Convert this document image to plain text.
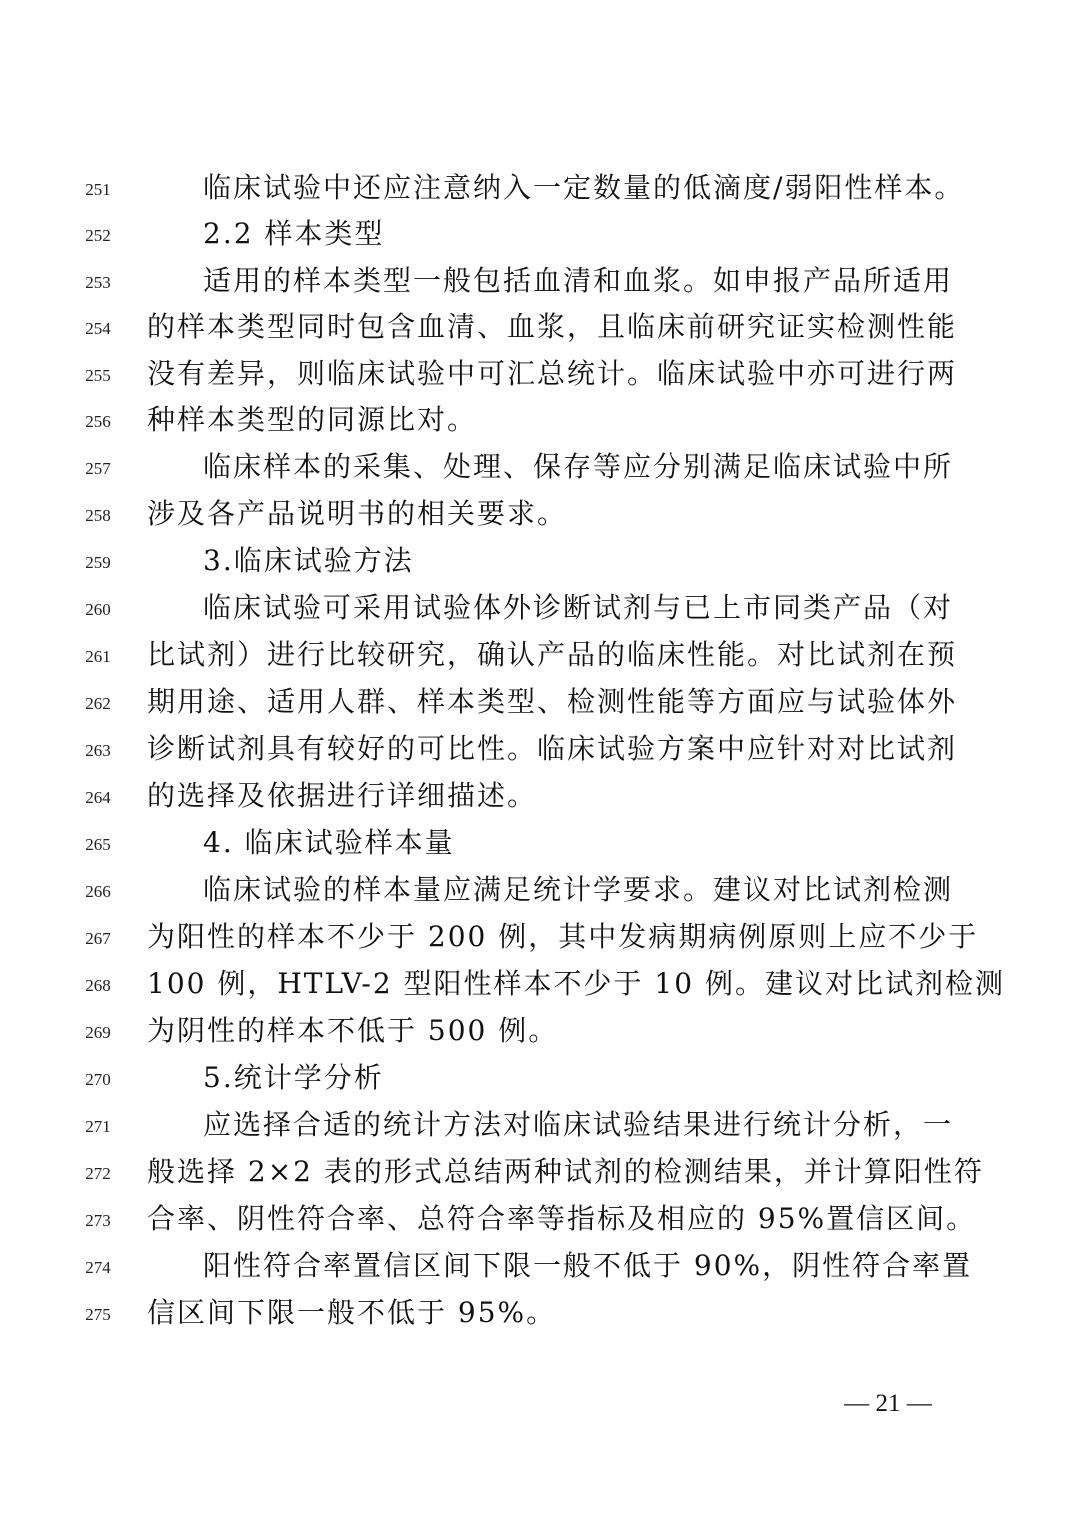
251	临床试验中还应注意纳入一定数量的低滴度/弱阳性样本。
252	2.2 样本类型
253	适用的样本类型一般包括血清和血浆。如申报产品所适用
254 的样本类型同时包含血清、血浆，且临床前研究证实检测性能
255 没有差异，则临床试验中可汇总统计。临床试验中亦可进行两
256 种样本类型的同源比对。
257	临床样本的采集、处理、保存等应分别满足临床试验中所
258 涉及各产品说明书的相关要求。
259	3.临床试验方法
260	临床试验可采用试验体外诊断试剂与已上市同类产品（对
261 比试剂）进行比较研究，确认产品的临床性能。对比试剂在预
262 期用途、适用人群、样本类型、检测性能等方面应与试验体外
263 诊断试剂具有较好的可比性。临床试验方案中应针对对比试剂
264 的选择及依据进行详细描述。
265	4. 临床试验样本量
266	临床试验的样本量应满足统计学要求。建议对比试剂检测
267 为阳性的样本不少于 200 例，其中发病期病例原则上应不少于
268 100 例，HTLV-2 型阳性样本不少于 10 例。建议对比试剂检测
269 为阴性的样本不低于 500 例。
270	5.统计学分析
271	应选择合适的统计方法对临床试验结果进行统计分析，一
272 般选择 2×2 表的形式总结两种试剂的检测结果，并计算阳性符
273 合率、阴性符合率、总符合率等指标及相应的 95%置信区间。
274	阳性符合率置信区间下限一般不低于 90%，阴性符合率置
275 信区间下限一般不低于 95%。
— 21 —
